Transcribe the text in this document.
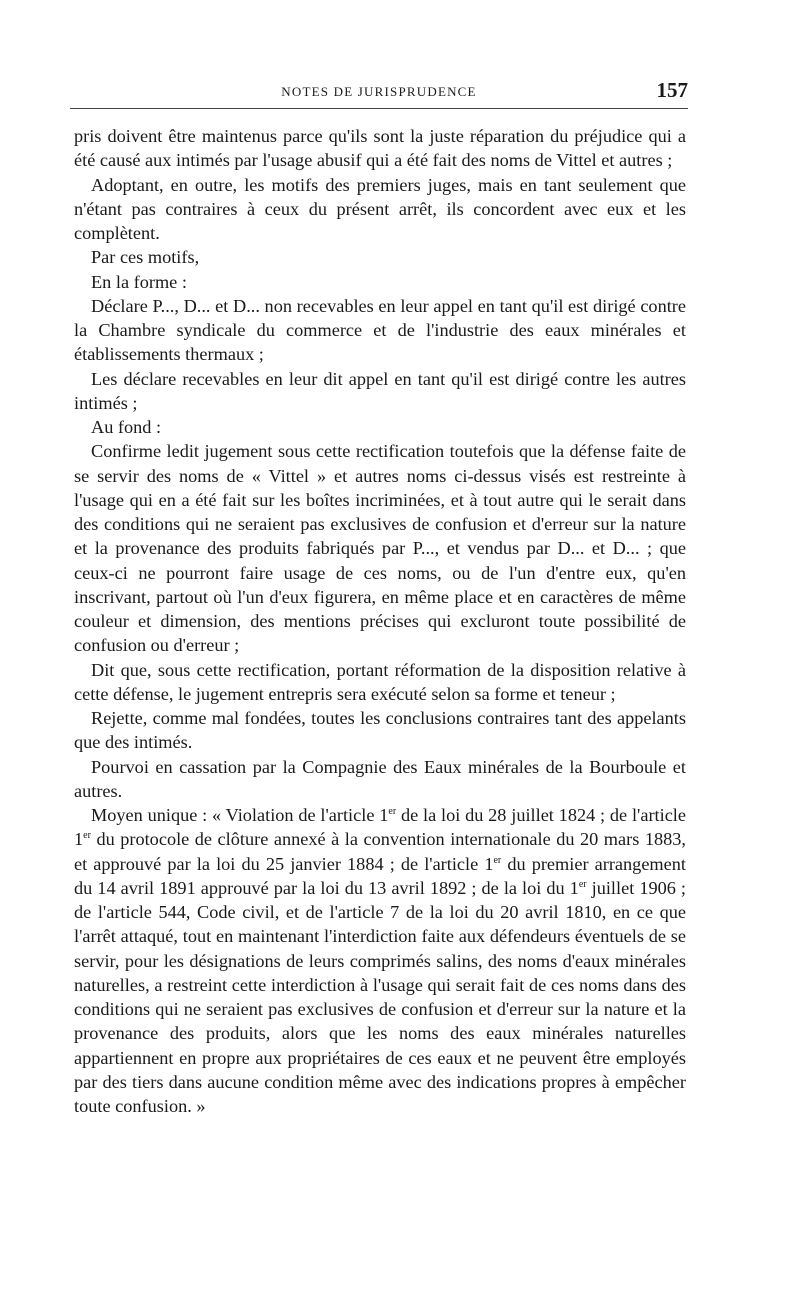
NOTES DE JURISPRUDENCE	157

pris doivent être maintenus parce qu'ils sont la juste réparation du préjudice qui a été causé aux intimés par l'usage abusif qui a été fait des noms de Vittel et autres ;

Adoptant, en outre, les motifs des premiers juges, mais en tant seulement que n'étant pas contraires à ceux du présent arrêt, ils concordent avec eux et les complètent.

Par ces motifs,

En la forme :

Déclare P..., D... et D... non recevables en leur appel en tant qu'il est dirigé contre la Chambre syndicale du commerce et de l'industrie des eaux minérales et établissements thermaux ;

Les déclare recevables en leur dit appel en tant qu'il est dirigé contre les autres intimés ;

Au fond :

Confirme ledit jugement sous cette rectification toutefois que la défense faite de se servir des noms de « Vittel » et autres noms ci-dessus visés est restreinte à l'usage qui en a été fait sur les boîtes incriminées, et à tout autre qui le serait dans des conditions qui ne seraient pas exclusives de confusion et d'erreur sur la nature et la provenance des produits fabriqués par P..., et vendus par D... et D... ; que ceux-ci ne pourront faire usage de ces noms, ou de l'un d'entre eux, qu'en inscrivant, partout où l'un d'eux figurera, en même place et en caractères de même couleur et dimension, des mentions précises qui excluront toute possibilité de confusion ou d'erreur ;

Dit que, sous cette rectification, portant réformation de la disposition relative à cette défense, le jugement entrepris sera exécuté selon sa forme et teneur ;

Rejette, comme mal fondées, toutes les conclusions contraires tant des appelants que des intimés.

Pourvoi en cassation par la Compagnie des Eaux minérales de la Bourboule et autres.

Moyen unique : « Violation de l'article 1er de la loi du 28 juillet 1824 ; de l'article 1er du protocole de clôture annexé à la convention internationale du 20 mars 1883, et approuvé par la loi du 25 janvier 1884 ; de l'article 1er du premier arrangement du 14 avril 1891 approuvé par la loi du 13 avril 1892 ; de la loi du 1er juillet 1906 ; de l'article 544, Code civil, et de l'article 7 de la loi du 20 avril 1810, en ce que l'arrêt attaqué, tout en maintenant l'interdiction faite aux défendeurs éventuels de se servir, pour les désignations de leurs comprimés salins, des noms d'eaux minérales naturelles, a restreint cette interdiction à l'usage qui serait fait de ces noms dans des conditions qui ne seraient pas exclusives de confusion et d'erreur sur la nature et la provenance des produits, alors que les noms des eaux minérales naturelles appartiennent en propre aux propriétaires de ces eaux et ne peuvent être employés par des tiers dans aucune condition même avec des indications propres à empêcher toute confusion. »
